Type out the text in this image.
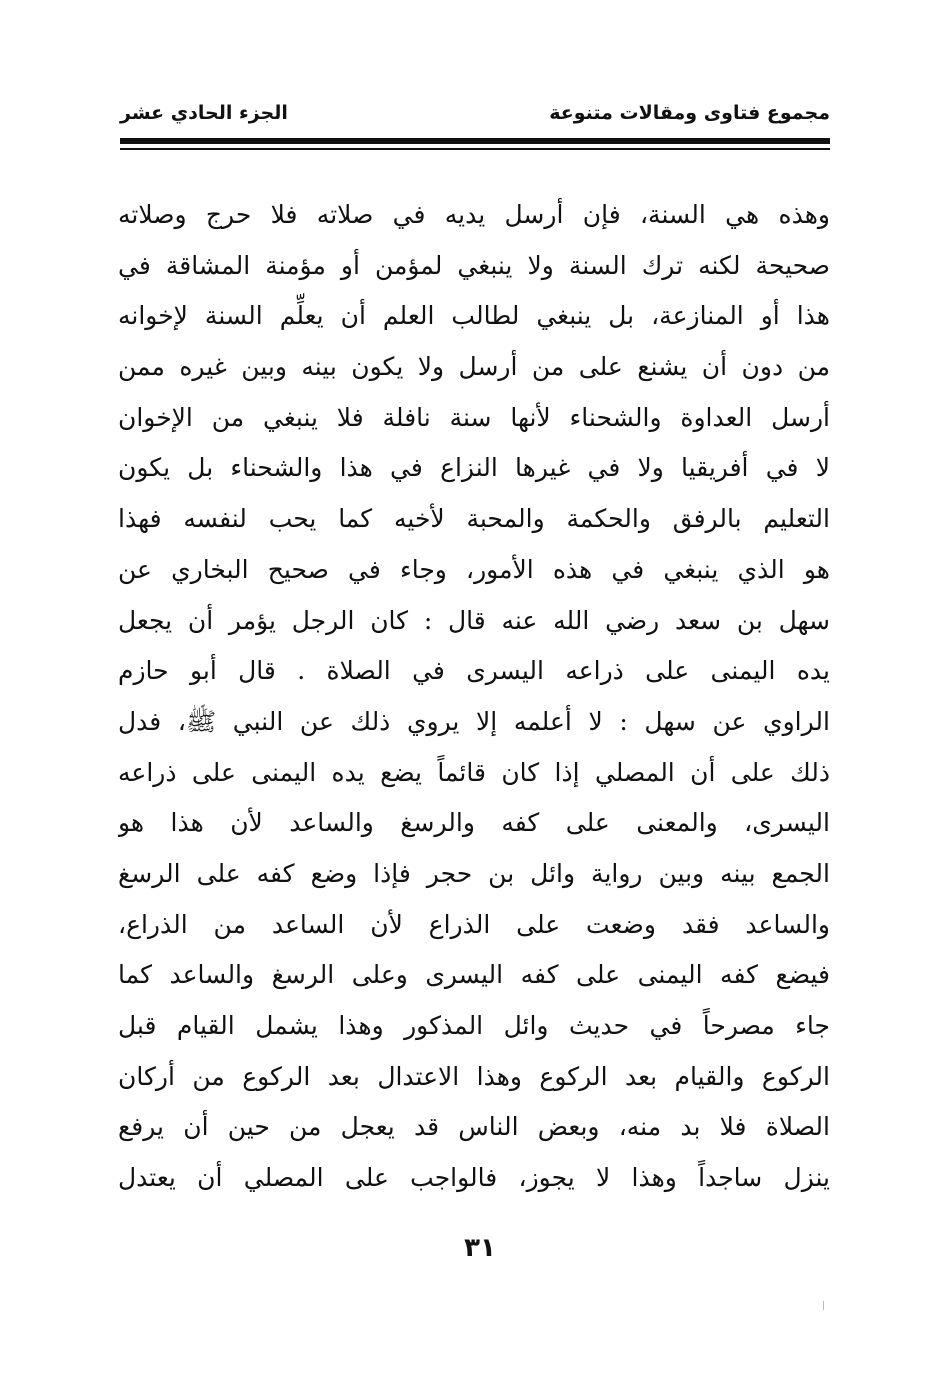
مجموع فتاوى ومقالات متنوعة
الجزء الحادي عشر
وهذه هي السنة، فإن أرسل يديه في صلاته فلا حرج وصلاته
صحيحة لكنه ترك السنة ولا ينبغي لمؤمن أو مؤمنة المشاقة في
هذا أو المنازعة، بل ينبغي لطالب العلم أن يعلِّم السنة لإخوانه
من دون أن يشنع على من أرسل ولا يكون بينه وبين غيره ممن
أرسل العداوة والشحناء لأنها سنة نافلة فلا ينبغي من الإخوان
لا في أفريقيا ولا في غيرها النزاع في هذا والشحناء بل يكون
التعليم بالرفق والحكمة والمحبة لأخيه كما يحب لنفسه فهذا
هو الذي ينبغي في هذه الأمور، وجاء في صحيح البخاري عن
سهل بن سعد رضي الله عنه قال : كان الرجل يؤمر أن يجعل
يده اليمنى على ذراعه اليسرى في الصلاة . قال أبو حازم
الراوي عن سهل : لا أعلمه إلا يروي ذلك عن النبي ﷺ، فدل
ذلك على أن المصلي إذا كان قائماً يضع يده اليمنى على ذراعه
اليسرى، والمعنى على كفه والرسغ والساعد لأن هذا هو
الجمع بينه وبين رواية وائل بن حجر فإذا وضع كفه على الرسغ
والساعد فقد وضعت على الذراع لأن الساعد من الذراع،
فيضع كفه اليمنى على كفه اليسرى وعلى الرسغ والساعد كما
جاء مصرحاً في حديث وائل المذكور وهذا يشمل القيام قبل
الركوع والقيام بعد الركوع وهذا الاعتدال بعد الركوع من أركان
الصلاة فلا بد منه، وبعض الناس قد يعجل من حين أن يرفع
ينزل ساجداً وهذا لا يجوز، فالواجب على المصلي أن يعتدل
٣١
